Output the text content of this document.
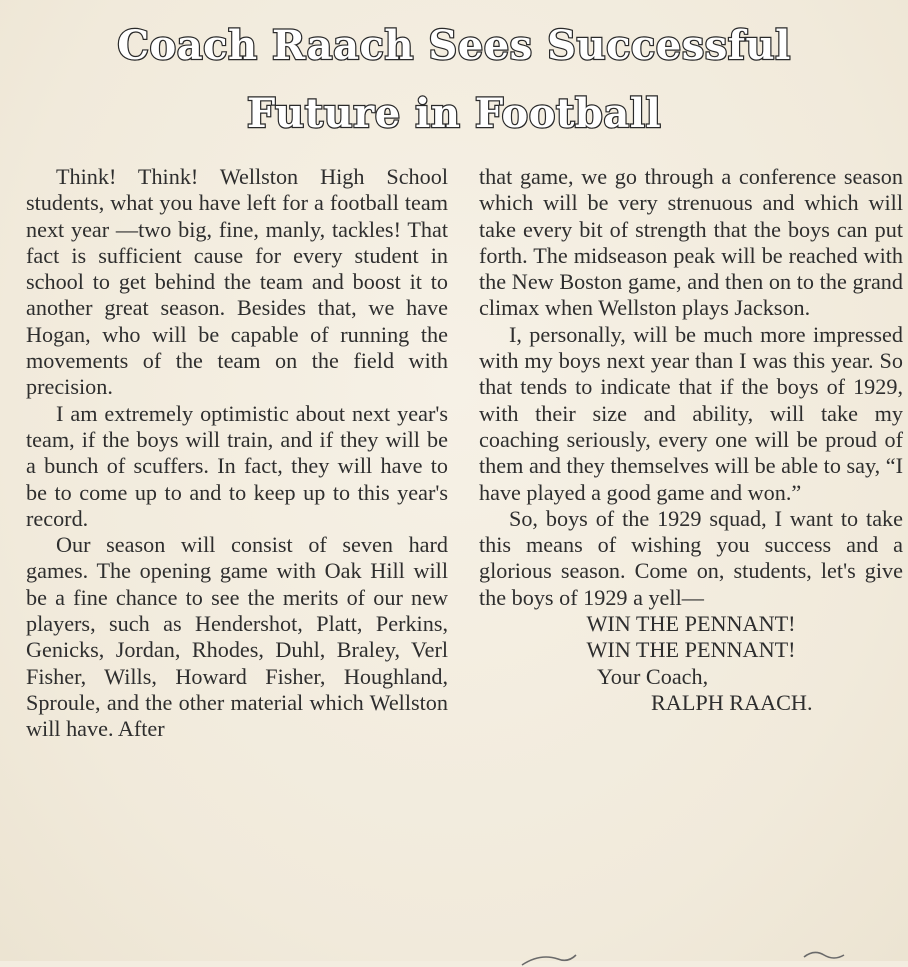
Coach Raach Sees Successful
Future in Football

Think! Think! Wellston High School students, what you have left for a football team next year —two big, fine, manly, tackles! That fact is sufficient cause for every student in school to get behind the team and boost it to another great season. Besides that, we have Hogan, who will be capable of running the movements of the team on the field with precision.

I am extremely optimistic about next year's team, if the boys will train, and if they will be a bunch of scuffers. In fact, they will have to be to come up to and to keep up to this year's record.

Our season will consist of seven hard games. The opening game with Oak Hill will be a fine chance to see the merits of our new players, such as Hendershot, Platt, Perkins, Genicks, Jordan, Rhodes, Duhl, Braley, Verl Fisher, Wills, Howard Fisher, Houghland, Sproule, and the other material which Wellston will have. After

that game, we go through a conference season which will be very strenuous and which will take every bit of strength that the boys can put forth. The midseason peak will be reached with the New Boston game, and then on to the grand climax when Wellston plays Jackson.

I, personally, will be much more impressed with my boys next year than I was this year. So that tends to indicate that if the boys of 1929, with their size and ability, will take my coaching seriously, every one will be proud of them and they themselves will be able to say, “I have played a good game and won.”

So, boys of the 1929 squad, I want to take this means of wishing you success and a glorious season. Come on, students, let's give the boys of 1929 a yell—

WIN THE PENNANT!

WIN THE PENNANT!

Your Coach,

RALPH RAACH.
